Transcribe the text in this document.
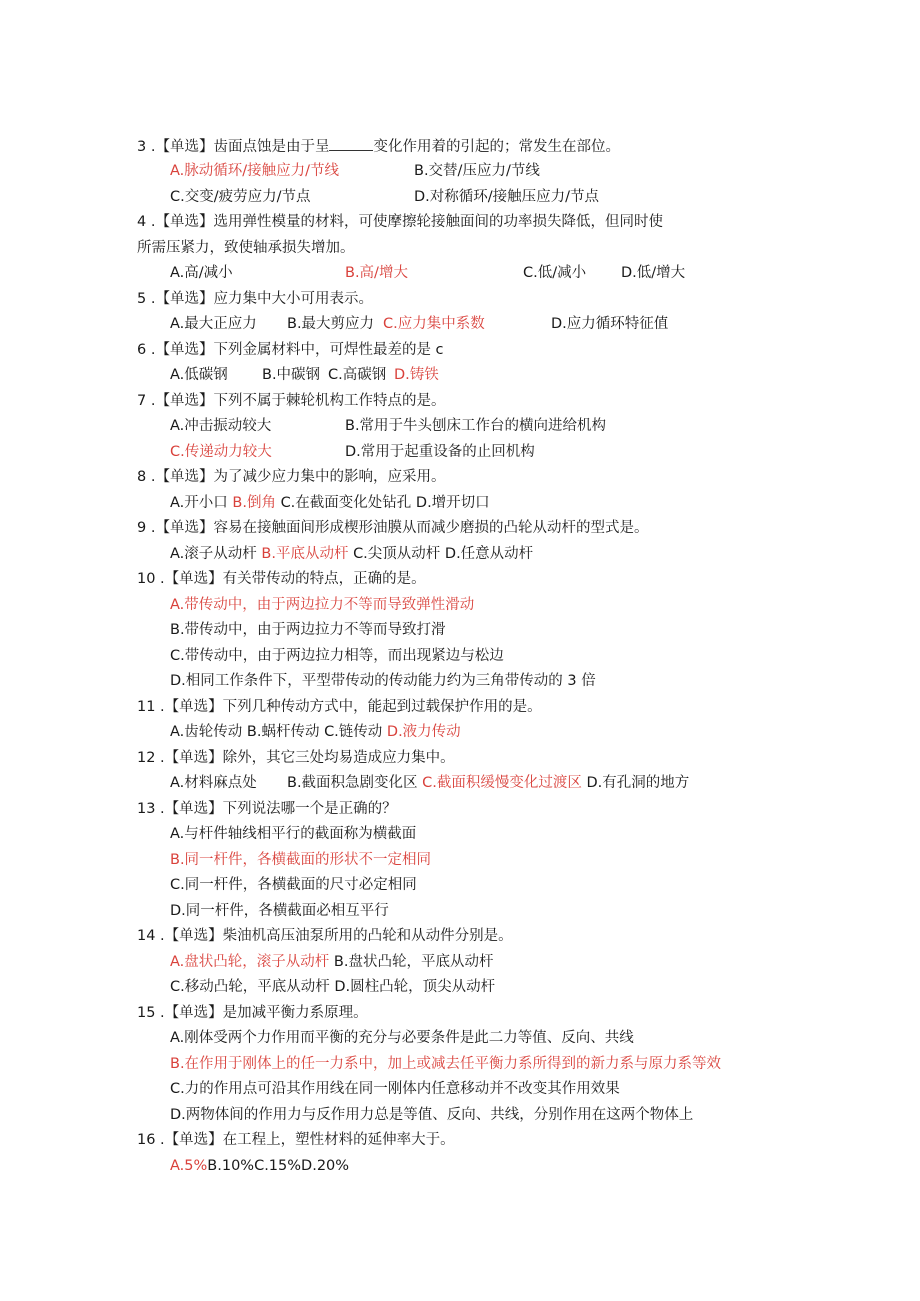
3 .【单选】齿面点蚀是由于呈	变化作用着的引起的；常发生在部位。
A.脉动循环/接触应力/节线	B.交替/压应力/节线
C.交变/疲劳应力/节点	D.对称循环/接触压应力/节点
4 .【单选】选用弹性模量的材料，可使摩擦轮接触面间的功率损失降低，但同时使
所需压紧力，致使轴承损失增加。
A.高/减小	B.高/增大	C.低/减小 D.低/增大
5 .【单选】应力集中大小可用表示。
A.最大正应力 B.最大剪应力 C.应力集中系数	D.应力循环特征值
6 .【单选】下列金属材料中，可焊性最差的是 c
A.低碳钢 B.中碳钢 C.高碳钢 D.铸铁
7 .【单选】下列不属于棘轮机构工作特点的是。
A.冲击振动较大	B.常用于牛头刨床工作台的横向进给机构
C.传递动力较大	D.常用于起重设备的止回机构
8 .【单选】为了减少应力集中的影响，应采用。
A.开小口 B.倒角 C.在截面变化处钻孔 D.增开切口
9 .【单选】容易在接触面间形成楔形油膜从而减少磨损的凸轮从动杆的型式是。
A.滚子从动杆 B.平底从动杆 C.尖顶从动杆 D.任意从动杆
10 .【单选】有关带传动的特点，正确的是。
A.带传动中，由于两边拉力不等而导致弹性滑动
B.带传动中，由于两边拉力不等而导致打滑
C.带传动中，由于两边拉力相等，而出现紧边与松边
D.相同工作条件下，平型带传动的传动能力约为三角带传动的 3 倍
11 .【单选】下列几种传动方式中，能起到过载保护作用的是。
A.齿轮传动 B.蜗杆传动 C.链传动 D.液力传动
12 .【单选】除外，其它三处均易造成应力集中。
A.材料麻点处 B.截面积急剧变化区 C.截面积缓慢变化过渡区 D.有孔洞的地方
13 .【单选】下列说法哪一个是正确的？
A.与杆件轴线相平行的截面称为横截面
B.同一杆件，各横截面的形状不一定相同
C.同一杆件，各横截面的尺寸必定相同
D.同一杆件，各横截面必相互平行
14 .【单选】柴油机高压油泵所用的凸轮和从动件分别是。
A.盘状凸轮，滚子从动杆 B.盘状凸轮，平底从动杆
C.移动凸轮，平底从动杆 D.圆柱凸轮，顶尖从动杆
15 .【单选】是加减平衡力系原理。
A.刚体受两个力作用而平衡的充分与必要条件是此二力等值、反向、共线
B.在作用于刚体上的任一力系中，加上或减去任平衡力系所得到的新力系与原力系等效
C.力的作用点可沿其作用线在同一刚体内任意移动并不改变其作用效果
D.两物体间的作用力与反作用力总是等值、反向、共线，分别作用在这两个物体上
16 .【单选】在工程上，塑性材料的延伸率大于。
A.5%B.10%C.15%D.20%
